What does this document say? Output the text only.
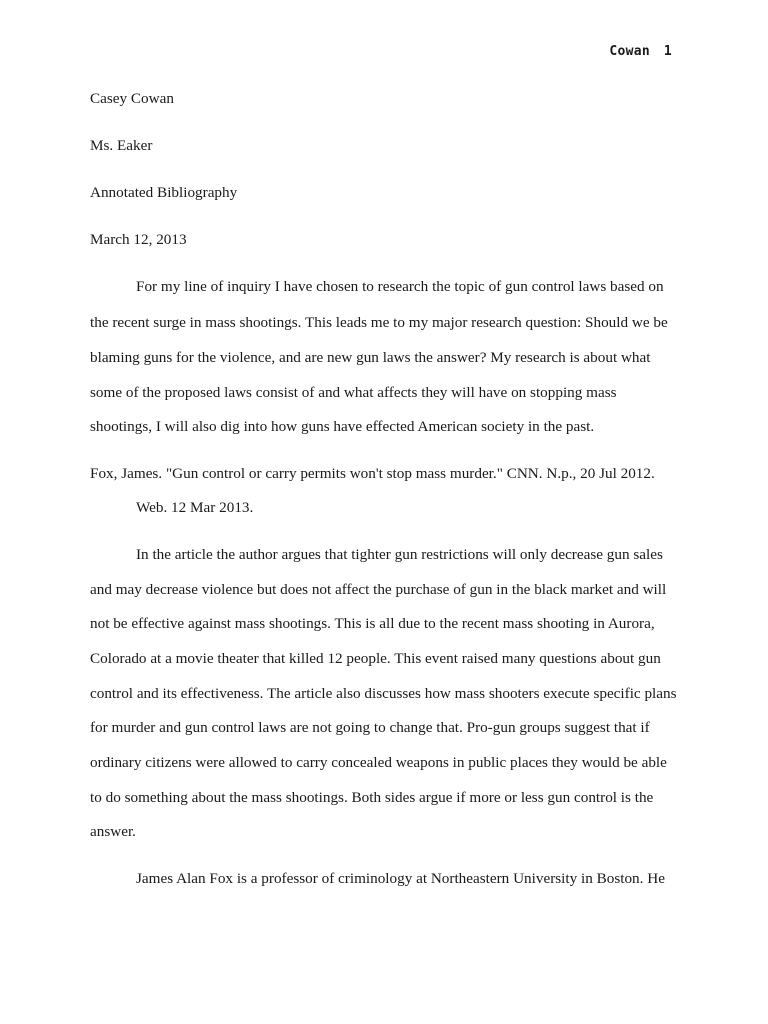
Cowan 1
Casey Cowan
Ms. Eaker
Annotated Bibliography
March 12, 2013
For my line of inquiry I have chosen to research the topic of gun control laws based on
the recent surge in mass shootings. This leads me to my major research question: Should we be
blaming guns for the violence, and are new gun laws the answer? My research is about what
some of the proposed laws consist of and what affects they will have on stopping mass
shootings, I will also dig into how guns have effected American society in the past.
Fox, James. "Gun control or carry permits won't stop mass murder." CNN. N.p., 20 Jul 2012.
Web. 12 Mar 2013.
In the article the author argues that tighter gun restrictions will only decrease gun sales
and may decrease violence but does not affect the purchase of gun in the black market and will
not be effective against mass shootings. This is all due to the recent mass shooting in Aurora,
Colorado at a movie theater that killed 12 people. This event raised many questions about gun
control and its effectiveness. The article also discusses how mass shooters execute specific plans
for murder and gun control laws are not going to change that. Pro-gun groups suggest that if
ordinary citizens were allowed to carry concealed weapons in public places they would be able
to do something about the mass shootings. Both sides argue if more or less gun control is the
answer.
James Alan Fox is a professor of criminology at Northeastern University in Boston. He
